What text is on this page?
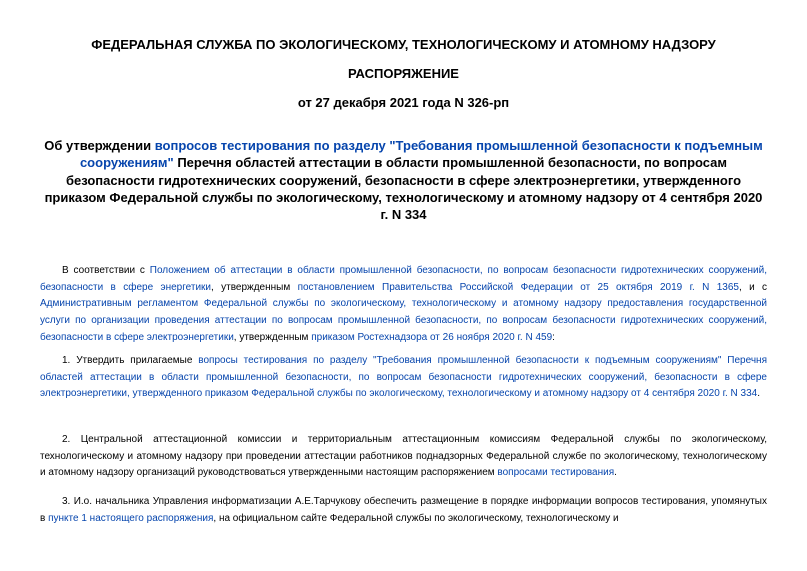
ФЕДЕРАЛЬНАЯ СЛУЖБА ПО ЭКОЛОГИЧЕСКОМУ, ТЕХНОЛОГИЧЕСКОМУ И АТОМНОМУ НАДЗОРУ
РАСПОРЯЖЕНИЕ
от 27 декабря 2021 года N 326-рп
Об утверждении вопросов тестирования по разделу "Требования промышленной безопасности к подъемным сооружениям" Перечня областей аттестации в области промышленной безопасности, по вопросам безопасности гидротехнических сооружений, безопасности в сфере электроэнергетики, утвержденного приказом Федеральной службы по экологическому, технологическому и атомному надзору от 4 сентября 2020 г. N 334
В соответствии с Положением об аттестации в области промышленной безопасности, по вопросам безопасности гидротехнических сооружений, безопасности в сфере энергетики, утвержденным постановлением Правительства Российской Федерации от 25 октября 2019 г. N 1365, и с Административным регламентом Федеральной службы по экологическому, технологическому и атомному надзору предоставления государственной услуги по организации проведения аттестации по вопросам промышленной безопасности, по вопросам безопасности гидротехнических сооружений, безопасности в сфере электроэнергетики, утвержденным приказом Ростехнадзора от 26 ноября 2020 г. N 459:
1. Утвердить прилагаемые вопросы тестирования по разделу "Требования промышленной безопасности к подъемным сооружениям" Перечня областей аттестации в области промышленной безопасности, по вопросам безопасности гидротехнических сооружений, безопасности в сфере электроэнергетики, утвержденного приказом Федеральной службы по экологическому, технологическому и атомному надзору от 4 сентября 2020 г. N 334.
2. Центральной аттестационной комиссии и территориальным аттестационным комиссиям Федеральной службы по экологическому, технологическому и атомному надзору при проведении аттестации работников поднадзорных Федеральной службе по экологическому, технологическому и атомному надзору организаций руководствоваться утвержденными настоящим распоряжением вопросами тестирования.
3. И.о. начальника Управления информатизации А.Е.Тарчукову обеспечить размещение в порядке информации вопросов тестирования, упомянутых в пункте 1 настоящего распоряжения, на официальном сайте Федеральной службы по экологическому, технологическому и
